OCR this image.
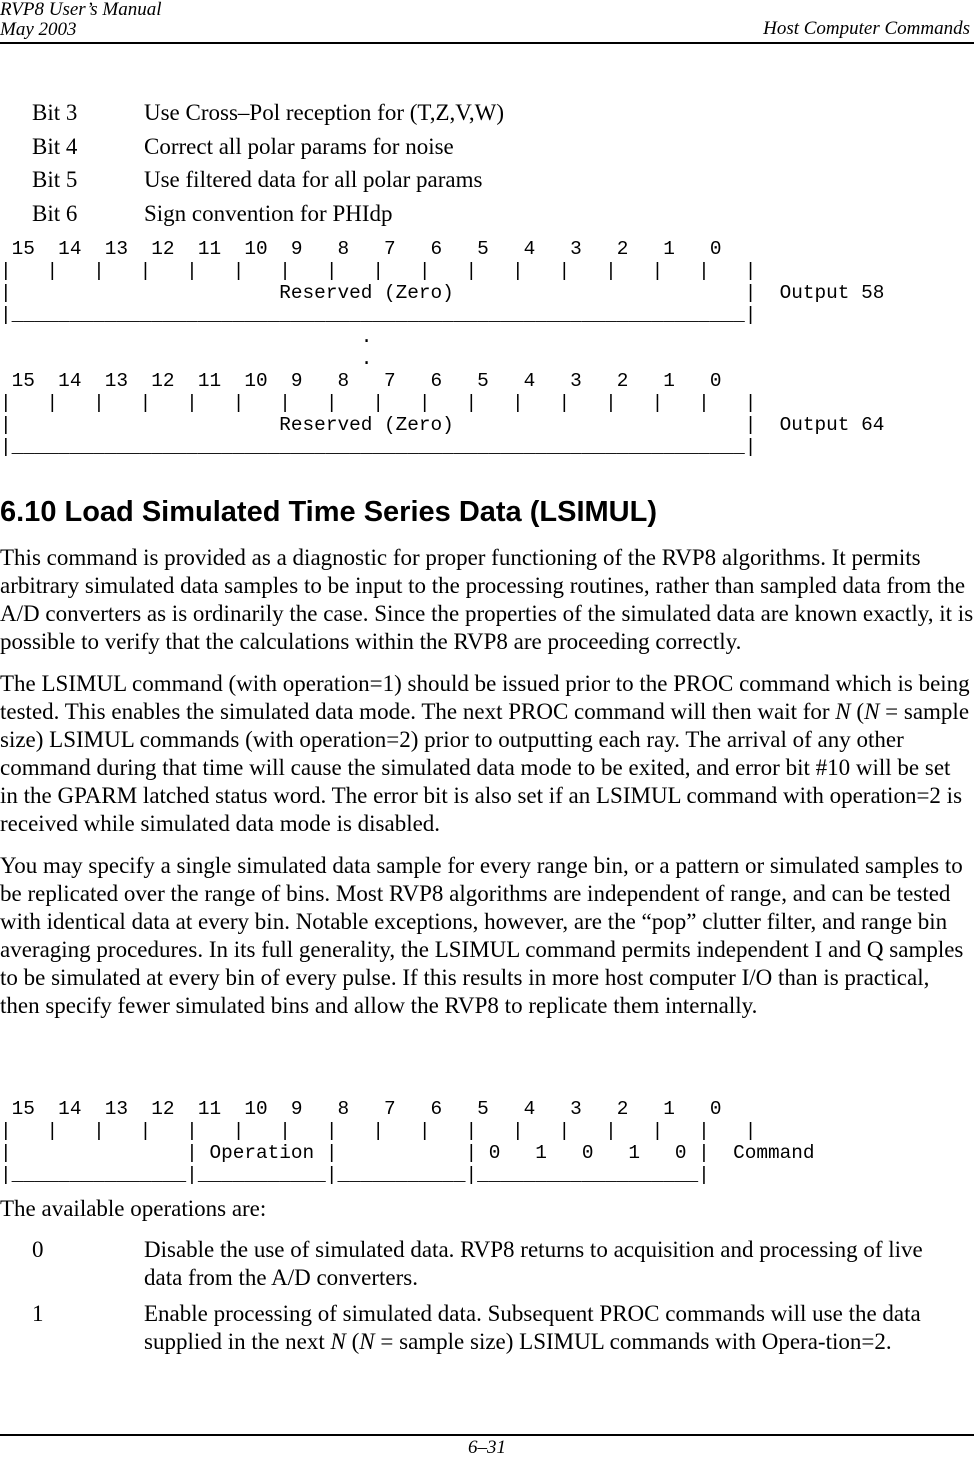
RVP8 User’s Manual
May 2003	Host Computer Commands
Bit 3	Use Cross–Pol reception for (T,Z,V,W)
Bit 4	Correct all polar params for noise
Bit 5	Use filtered data for all polar params
Bit 6	Sign convention for PHIdp
15  14  13  12  11  10  9   8   7   6   5   4   3   2   1   0
|   |   |   |   |   |   |   |   |   |   |   |   |   |   |   |   |
|                       Reserved (Zero)                         |  Output 58
|_______________________________________________________________|
.
.
15  14  13  12  11  10  9   8   7   6   5   4   3   2   1   0
|   |   |   |   |   |   |   |   |   |   |   |   |   |   |   |   |
|                       Reserved (Zero)                         |  Output 64
|_______________________________________________________________|
6.10 Load Simulated Time Series Data (LSIMUL)

This command is provided as a diagnostic for proper functioning of the RVP8 algorithms. It permits arbitrary simulated data samples to be input to the processing routines, rather than sampled data from the A/D converters as is ordinarily the case. Since the properties of the simulated data are known exactly, it is possible to verify that the calculations within the RVP8 are proceeding correctly.

The LSIMUL command (with operation=1) should be issued prior to the PROC command which is being tested. This enables the simulated data mode. The next PROC command will then wait for N (N = sample size) LSIMUL commands (with operation=2) prior to outputting each ray. The arrival of any other command during that time will cause the simulated data mode to be exited, and error bit #10 will be set in the GPARM latched status word. The error bit is also set if an LSIMUL command with operation=2 is received while simulated data mode is disabled.

You may specify a single simulated data sample for every range bin, or a pattern or simulated samples to be replicated over the range of bins. Most RVP8 algorithms are independent of range, and can be tested with identical data at every bin. Notable exceptions, however, are the “pop” clutter filter, and range bin averaging procedures. In its full generality, the LSIMUL command permits independent I and Q samples to be simulated at every bin of every pulse. If this results in more host computer I/O than is practical, then specify fewer simulated bins and allow the RVP8 to replicate them internally.

15  14  13  12  11  10  9   8   7   6   5   4   3   2   1   0
|   |   |   |   |   |   |   |   |   |   |   |   |   |   |   |   |
|               | Operation |           | 0   1   0   1   0 |  Command
|_______________|___________|___________|___________________|
The available operations are:
0	Disable the use of simulated data. RVP8 returns to acquisition and processing of live data from the A/D converters.
1	Enable processing of simulated data. Subsequent PROC commands will use the data supplied in the next N (N = sample size) LSIMUL commands with Opera-tion=2.
6–31
